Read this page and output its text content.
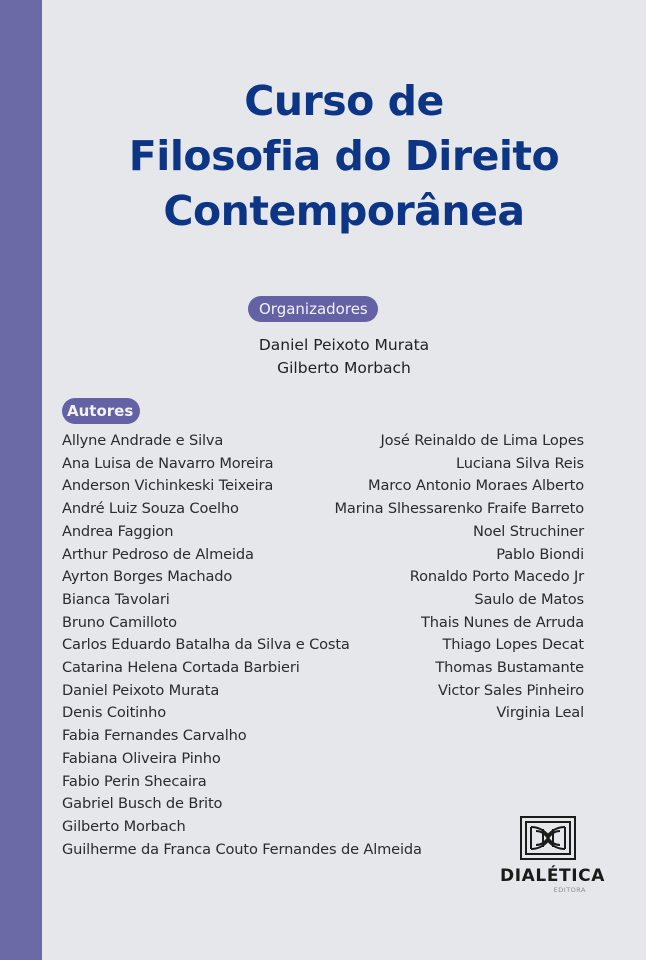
Curso de
Filosofia do Direito
Contemporânea
Organizadores
Daniel Peixoto Murata
Gilberto Morbach
Autores
Allyne Andrade e Silva
Ana Luisa de Navarro Moreira
Anderson Vichinkeski Teixeira
André Luiz Souza Coelho
Andrea Faggion
Arthur Pedroso de Almeida
Ayrton Borges Machado
Bianca Tavolari
Bruno Camilloto
Carlos Eduardo Batalha da Silva e Costa
Catarina Helena Cortada Barbieri
Daniel Peixoto Murata
Denis Coitinho
Fabia Fernandes Carvalho
Fabiana Oliveira Pinho
Fabio Perin Shecaira
Gabriel Busch de Brito
Gilberto Morbach
Guilherme da Franca Couto Fernandes de Almeida
José Reinaldo de Lima Lopes
Luciana Silva Reis
Marco Antonio Moraes Alberto
Marina Slhessarenko Fraife Barreto
Noel Struchiner
Pablo Biondi
Ronaldo Porto Macedo Jr
Saulo de Matos
Thais Nunes de Arruda
Thiago Lopes Decat
Thomas Bustamante
Victor Sales Pinheiro
Virginia Leal
DIALÉTICA
EDITORA
